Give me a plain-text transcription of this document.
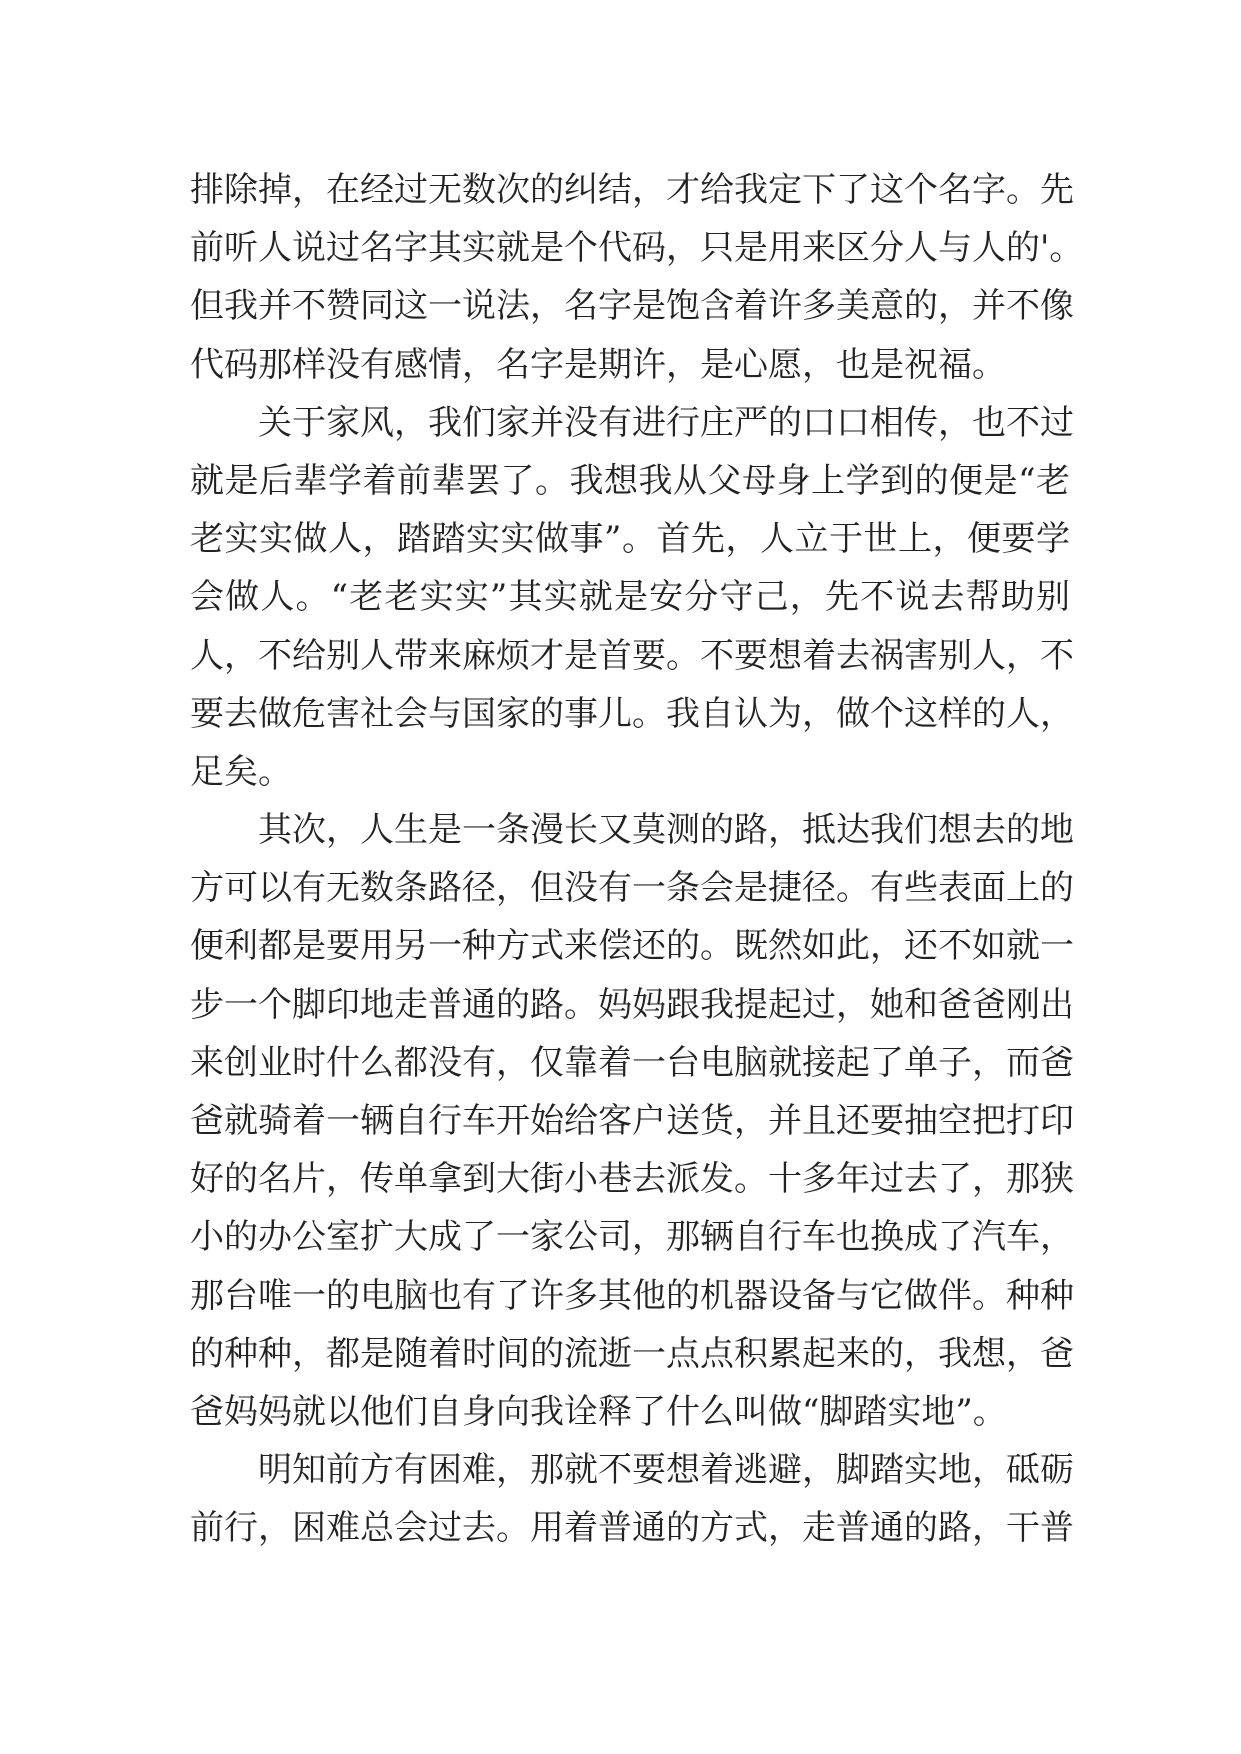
排除掉，在经过无数次的纠结，才给我定下了这个名字。先
前听人说过名字其实就是个代码，只是用来区分人与人的'。
但我并不赞同这一说法，名字是饱含着许多美意的，并不像
代码那样没有感情，名字是期许，是心愿，也是祝福。
关于家风，我们家并没有进行庄严的口口相传，也不过
就是后辈学着前辈罢了。我想我从父母身上学到的便是“老
老实实做人，踏踏实实做事”。首先，人立于世上，便要学
会做人。“老老实实”其实就是安分守己，先不说去帮助别
人，不给别人带来麻烦才是首要。不要想着去祸害别人，不
要去做危害社会与国家的事儿。我自认为，做个这样的人，
足矣。
其次，人生是一条漫长又莫测的路，抵达我们想去的地
方可以有无数条路径，但没有一条会是捷径。有些表面上的
便利都是要用另一种方式来偿还的。既然如此，还不如就一
步一个脚印地走普通的路。妈妈跟我提起过，她和爸爸刚出
来创业时什么都没有，仅靠着一台电脑就接起了单子，而爸
爸就骑着一辆自行车开始给客户送货，并且还要抽空把打印
好的名片，传单拿到大街小巷去派发。十多年过去了，那狭
小的办公室扩大成了一家公司，那辆自行车也换成了汽车，
那台唯一的电脑也有了许多其他的机器设备与它做伴。种种
的种种，都是随着时间的流逝一点点积累起来的，我想，爸
爸妈妈就以他们自身向我诠释了什么叫做“脚踏实地”。
明知前方有困难，那就不要想着逃避，脚踏实地，砥砺
前行，困难总会过去。用着普通的方式，走普通的路，干普
